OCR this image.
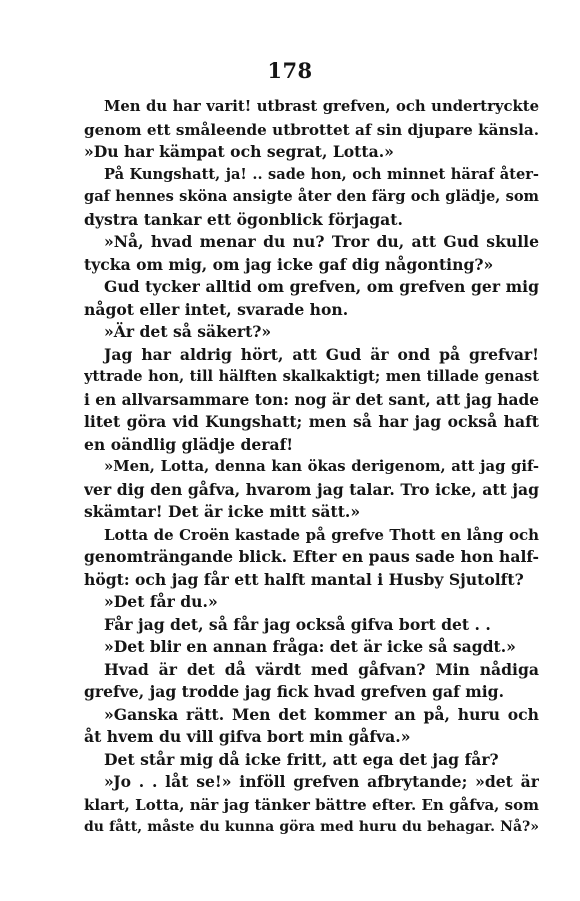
178
Men du har varit! utbrast grefven, och undertryckte
genom ett småleende utbrottet af sin djupare känsla.
»Du har kämpat och segrat, Lotta.»
På Kungshatt, ja! .. sade hon, och minnet häraf åter-
gaf hennes sköna ansigte åter den färg och glädje, som
dystra tankar ett ögonblick förjagat.
»Nå, hvad menar du nu? Tror du, att Gud skulle
tycka om mig, om jag icke gaf dig någonting?»
Gud tycker alltid om grefven, om grefven ger mig
något eller intet, svarade hon.
»Är det så säkert?»
Jag har aldrig hört, att Gud är ond på grefvar!
yttrade hon, till hälften skalkaktigt; men tillade genast
i en allvarsammare ton: nog är det sant, att jag hade
litet göra vid Kungshatt; men så har jag också haft
en oändlig glädje deraf!
»Men, Lotta, denna kan ökas derigenom, att jag gif-
ver dig den gåfva, hvarom jag talar. Tro icke, att jag
skämtar! Det är icke mitt sätt.»
Lotta de Croën kastade på grefve Thott en lång och
genomträngande blick. Efter en paus sade hon half-
högt: och jag får ett halft mantal i Husby Sjutolft?
»Det får du.»
Får jag det, så får jag också gifva bort det . .
»Det blir en annan fråga: det är icke så sagdt.»
Hvad är det då värdt med gåfvan? Min nådiga
grefve, jag trodde jag fick hvad grefven gaf mig.
»Ganska rätt. Men det kommer an på, huru och
åt hvem du vill gifva bort min gåfva.»
Det står mig då icke fritt, att ega det jag får?
»Jo . . låt se!» inföll grefven afbrytande; »det är
klart, Lotta, när jag tänker bättre efter. En gåfva, som
du fått, måste du kunna göra med huru du behagar. Nå?»
